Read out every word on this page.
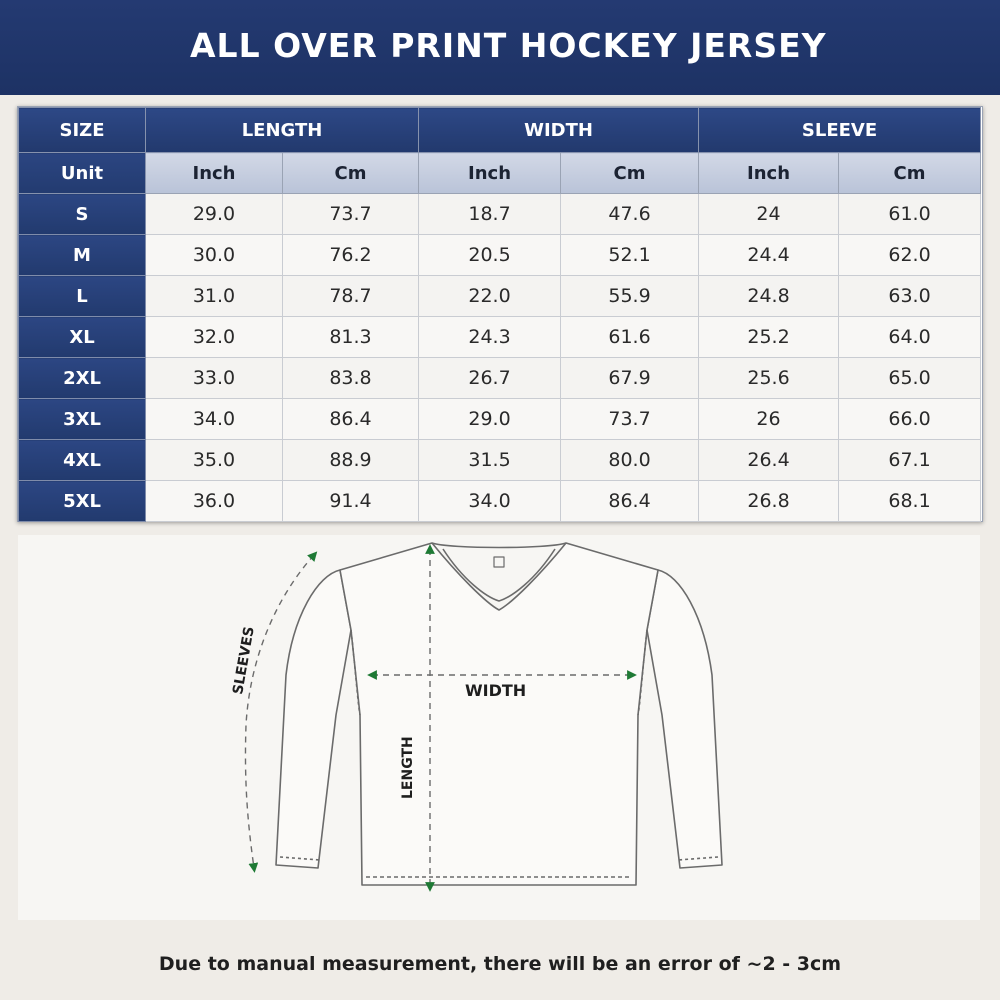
ALL OVER PRINT HOCKEY JERSEY
SIZE	LENGTH		WIDTH		SLEEVE	
Unit	Inch	Cm	Inch	Cm	Inch	Cm
S	29.0	73.7	18.7	47.6	24	61.0
M	30.0	76.2	20.5	52.1	24.4	62.0
L	31.0	78.7	22.0	55.9	24.8	63.0
XL	32.0	81.3	24.3	61.6	25.2	64.0
2XL	33.0	83.8	26.7	67.9	25.6	65.0
3XL	34.0	86.4	29.0	73.7	26	66.0
4XL	35.0	88.9	31.5	80.0	26.4	67.1
5XL	36.0	91.4	34.0	86.4	26.8	68.1
WIDTH
LENGTH
SLEEVES
Due to manual measurement, there will be an error of ~2 - 3cm
